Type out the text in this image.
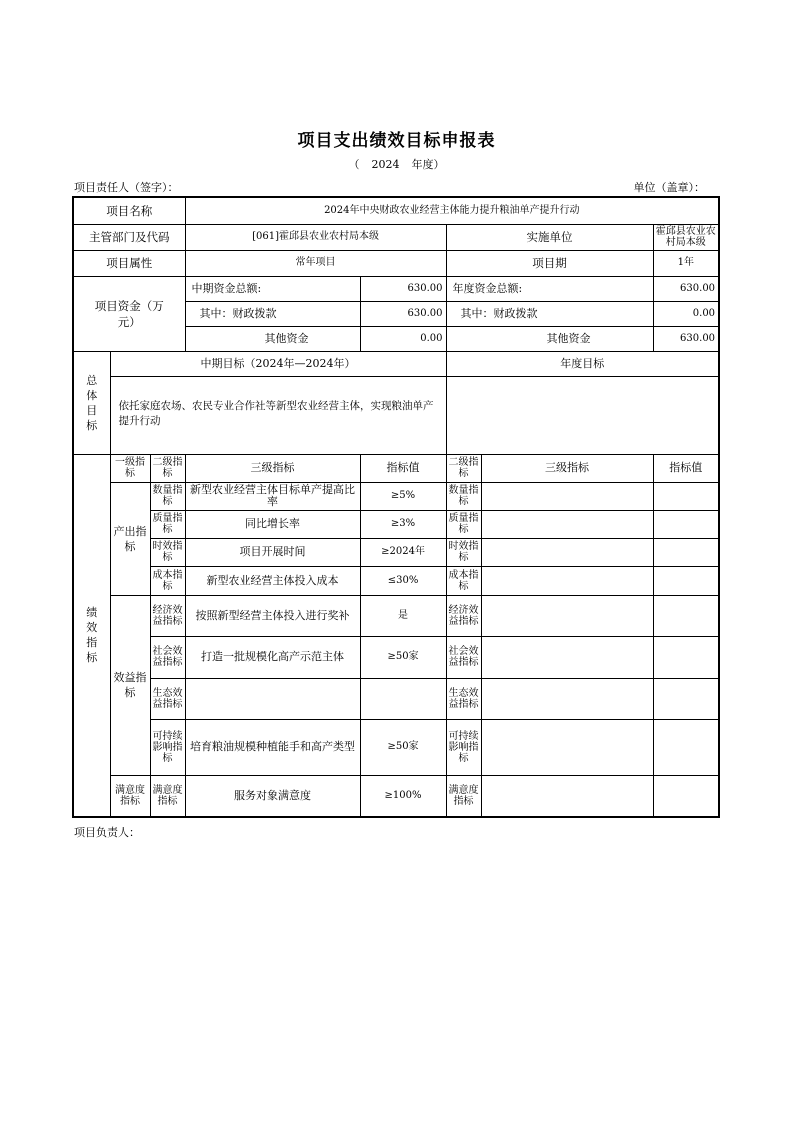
项目支出绩效目标申报表
（ 2024 年度）
项目责任人（签字）：	单位（盖章）：
项目名称			2024年中央财政农业经营主体能力提升粮油单产提升行动				
主管部门及代码			[061]霍邱县农业农村局本级		实施单位		霍邱县农业农村局本级
项目属性			常年项目		项目期		1年
项目资金（万元）			中期资金总额:	630.00	年度资金总额:		630.00
			其中：财政拨款	630.00	其中：财政拨款		0.00
			其他资金	0.00	其他资金		630.00
总体目标	中期目标（2024年—2024年）				年度目标		
	依托家庭农场、农民专业合作社等新型农业经营主体，实现粮油单产提升行动						
绩效指标	一级指标	二级指标	三级指标	指标值	二级指标	三级指标	指标值
	产出指标	数量指标	新型农业经营主体目标单产提高比率	≥5%	数量指标		
		质量指标	同比增长率	≥3%	质量指标		
		时效指标	项目开展时间	≥2024年	时效指标		
		成本指标	新型农业经营主体投入成本	≤30%	成本指标		
	效益指标	经济效益指标	按照新型经营主体投入进行奖补	是	经济效益指标		
		社会效益指标	打造一批规模化高产示范主体	≥50家	社会效益指标		
		生态效益指标			生态效益指标		
		可持续影响指标	培育粮油规模种植能手和高产类型	≥50家	可持续影响指标		
	满意度指标	满意度指标	服务对象满意度	≥100%	满意度指标		
项目负责人：
